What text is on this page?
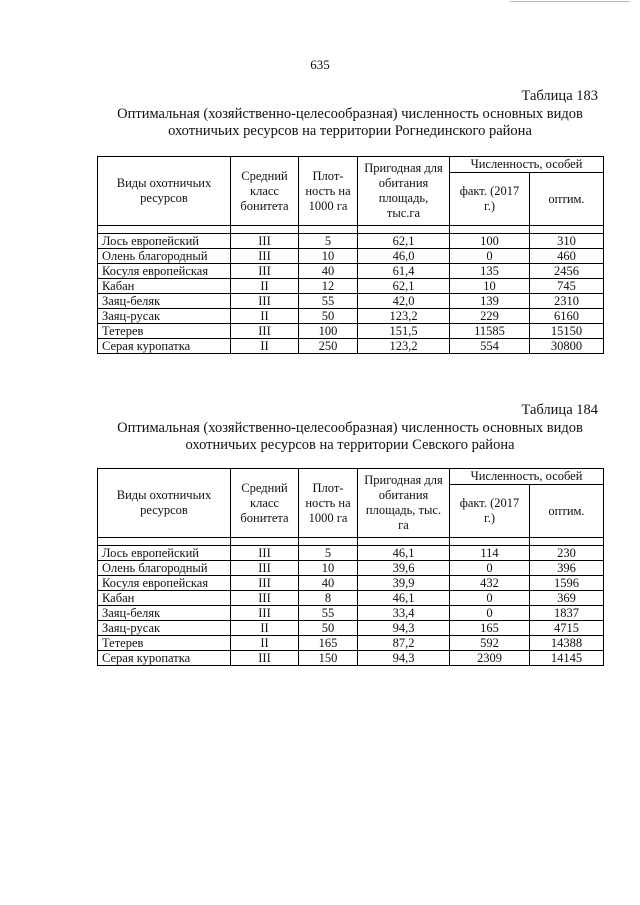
635
Таблица 183
Оптимальная (хозяйственно-целесообразная) численность основных видов охотничьих ресурсов на территории Рогнединского района
Виды охотничьих ресурсов	Средний класс бонитета	Плот-ность на 1000 га	Пригодная для обитания площадь, тыс.га	Численность, особей	
				факт. (2017 г.)	оптим.

Лось европейский	III	5	62,1	100	310
Олень благородный	III	10	46,0	0	460
Косуля европейская	III	40	61,4	135	2456
Кабан	II	12	62,1	10	745
Заяц-беляк	III	55	42,0	139	2310
Заяц-русак	II	50	123,2	229	6160
Тетерев	III	100	151,5	11585	15150
Серая куропатка	II	250	123,2	554	30800
Таблица 184
Оптимальная (хозяйственно-целесообразная) численность основных видов охотничьих ресурсов на территории Севского района
Виды охотничьих ресурсов	Средний класс бонитета	Плот-ность на 1000 га	Пригодная для обитания площадь, тыс. га	Численность, особей	
				факт. (2017 г.)	оптим.

Лось европейский	III	5	46,1	114	230
Олень благородный	III	10	39,6	0	396
Косуля европейская	III	40	39,9	432	1596
Кабан	III	8	46,1	0	369
Заяц-беляк	III	55	33,4	0	1837
Заяц-русак	II	50	94,3	165	4715
Тетерев	II	165	87,2	592	14388
Серая куропатка	III	150	94,3	2309	14145
